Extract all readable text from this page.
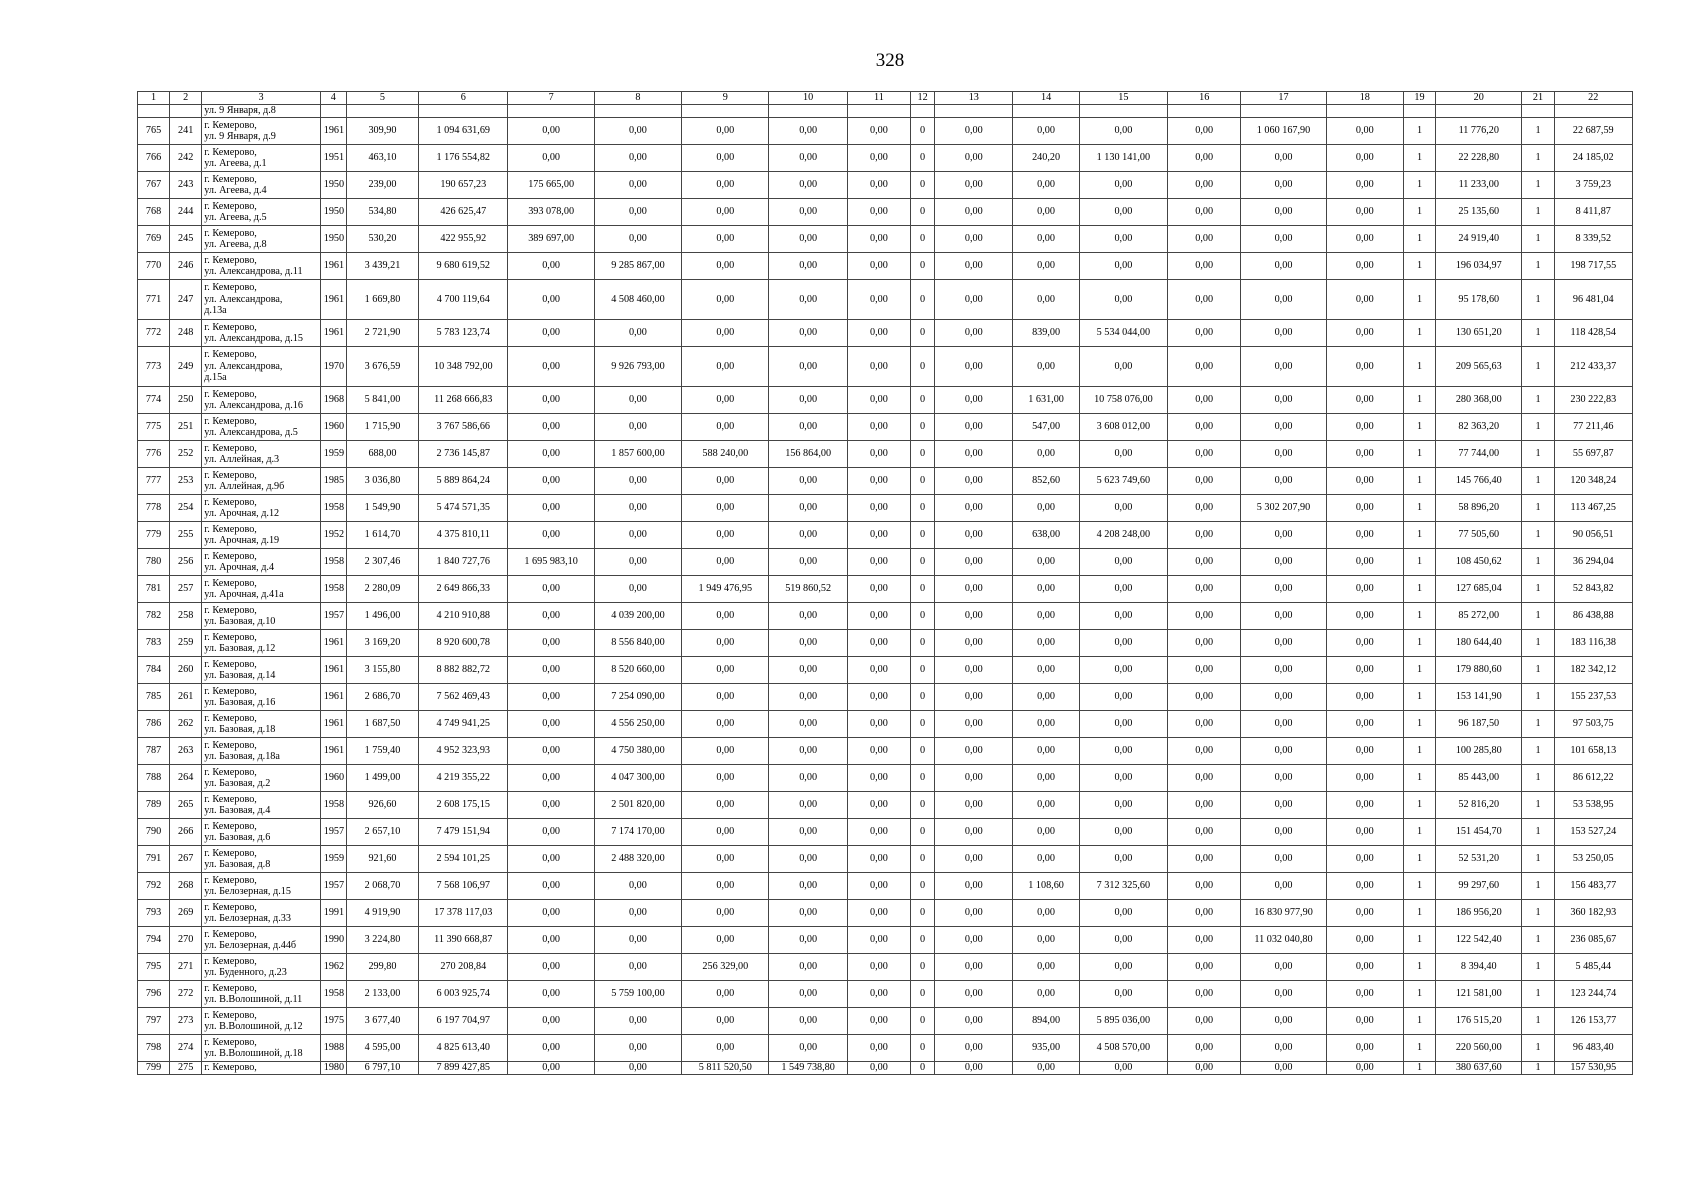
328
1	2	3	4	5	6	7	8	9	10	11	12	13	14	15	16	17	18	19	20	21	22
		ул. 9 Января, д.8																			
765	241	г. Кемерово,
ул. 9 Января, д.9	1961	309,90	1 094 631,69	0,00	0,00	0,00	0,00	0,00	0	0,00	0,00	0,00	0,00	1 060 167,90	0,00	1	11 776,20	1	22 687,59
766	242	г. Кемерово,
ул. Агеева, д.1	1951	463,10	1 176 554,82	0,00	0,00	0,00	0,00	0,00	0	0,00	240,20	1 130 141,00	0,00	0,00	0,00	1	22 228,80	1	24 185,02
767	243	г. Кемерово,
ул. Агеева, д.4	1950	239,00	190 657,23	175 665,00	0,00	0,00	0,00	0,00	0	0,00	0,00	0,00	0,00	0,00	0,00	1	11 233,00	1	3 759,23
768	244	г. Кемерово,
ул. Агеева, д.5	1950	534,80	426 625,47	393 078,00	0,00	0,00	0,00	0,00	0	0,00	0,00	0,00	0,00	0,00	0,00	1	25 135,60	1	8 411,87
769	245	г. Кемерово,
ул. Агеева, д.8	1950	530,20	422 955,92	389 697,00	0,00	0,00	0,00	0,00	0	0,00	0,00	0,00	0,00	0,00	0,00	1	24 919,40	1	8 339,52
770	246	г. Кемерово,
ул. Александрова, д.11	1961	3 439,21	9 680 619,52	0,00	9 285 867,00	0,00	0,00	0,00	0	0,00	0,00	0,00	0,00	0,00	0,00	1	196 034,97	1	198 717,55
771	247	г. Кемерово,
ул. Александрова,
д.13а	1961	1 669,80	4 700 119,64	0,00	4 508 460,00	0,00	0,00	0,00	0	0,00	0,00	0,00	0,00	0,00	0,00	1	95 178,60	1	96 481,04
772	248	г. Кемерово,
ул. Александрова, д.15	1961	2 721,90	5 783 123,74	0,00	0,00	0,00	0,00	0,00	0	0,00	839,00	5 534 044,00	0,00	0,00	0,00	1	130 651,20	1	118 428,54
773	249	г. Кемерово,
ул. Александрова,
д.15а	1970	3 676,59	10 348 792,00	0,00	9 926 793,00	0,00	0,00	0,00	0	0,00	0,00	0,00	0,00	0,00	0,00	1	209 565,63	1	212 433,37
774	250	г. Кемерово,
ул. Александрова, д.16	1968	5 841,00	11 268 666,83	0,00	0,00	0,00	0,00	0,00	0	0,00	1 631,00	10 758 076,00	0,00	0,00	0,00	1	280 368,00	1	230 222,83
775	251	г. Кемерово,
ул. Александрова, д.5	1960	1 715,90	3 767 586,66	0,00	0,00	0,00	0,00	0,00	0	0,00	547,00	3 608 012,00	0,00	0,00	0,00	1	82 363,20	1	77 211,46
776	252	г. Кемерово,
ул. Аллейная, д.3	1959	688,00	2 736 145,87	0,00	1 857 600,00	588 240,00	156 864,00	0,00	0	0,00	0,00	0,00	0,00	0,00	0,00	1	77 744,00	1	55 697,87
777	253	г. Кемерово,
ул. Аллейная, д.9б	1985	3 036,80	5 889 864,24	0,00	0,00	0,00	0,00	0,00	0	0,00	852,60	5 623 749,60	0,00	0,00	0,00	1	145 766,40	1	120 348,24
778	254	г. Кемерово,
ул. Арочная, д.12	1958	1 549,90	5 474 571,35	0,00	0,00	0,00	0,00	0,00	0	0,00	0,00	0,00	0,00	5 302 207,90	0,00	1	58 896,20	1	113 467,25
779	255	г. Кемерово,
ул. Арочная, д.19	1952	1 614,70	4 375 810,11	0,00	0,00	0,00	0,00	0,00	0	0,00	638,00	4 208 248,00	0,00	0,00	0,00	1	77 505,60	1	90 056,51
780	256	г. Кемерово,
ул. Арочная, д.4	1958	2 307,46	1 840 727,76	1 695 983,10	0,00	0,00	0,00	0,00	0	0,00	0,00	0,00	0,00	0,00	0,00	1	108 450,62	1	36 294,04
781	257	г. Кемерово,
ул. Арочная, д.41а	1958	2 280,09	2 649 866,33	0,00	0,00	1 949 476,95	519 860,52	0,00	0	0,00	0,00	0,00	0,00	0,00	0,00	1	127 685,04	1	52 843,82
782	258	г. Кемерово,
ул. Базовая, д.10	1957	1 496,00	4 210 910,88	0,00	4 039 200,00	0,00	0,00	0,00	0	0,00	0,00	0,00	0,00	0,00	0,00	1	85 272,00	1	86 438,88
783	259	г. Кемерово,
ул. Базовая, д.12	1961	3 169,20	8 920 600,78	0,00	8 556 840,00	0,00	0,00	0,00	0	0,00	0,00	0,00	0,00	0,00	0,00	1	180 644,40	1	183 116,38
784	260	г. Кемерово,
ул. Базовая, д.14	1961	3 155,80	8 882 882,72	0,00	8 520 660,00	0,00	0,00	0,00	0	0,00	0,00	0,00	0,00	0,00	0,00	1	179 880,60	1	182 342,12
785	261	г. Кемерово,
ул. Базовая, д.16	1961	2 686,70	7 562 469,43	0,00	7 254 090,00	0,00	0,00	0,00	0	0,00	0,00	0,00	0,00	0,00	0,00	1	153 141,90	1	155 237,53
786	262	г. Кемерово,
ул. Базовая, д.18	1961	1 687,50	4 749 941,25	0,00	4 556 250,00	0,00	0,00	0,00	0	0,00	0,00	0,00	0,00	0,00	0,00	1	96 187,50	1	97 503,75
787	263	г. Кемерово,
ул. Базовая, д.18а	1961	1 759,40	4 952 323,93	0,00	4 750 380,00	0,00	0,00	0,00	0	0,00	0,00	0,00	0,00	0,00	0,00	1	100 285,80	1	101 658,13
788	264	г. Кемерово,
ул. Базовая, д.2	1960	1 499,00	4 219 355,22	0,00	4 047 300,00	0,00	0,00	0,00	0	0,00	0,00	0,00	0,00	0,00	0,00	1	85 443,00	1	86 612,22
789	265	г. Кемерово,
ул. Базовая, д.4	1958	926,60	2 608 175,15	0,00	2 501 820,00	0,00	0,00	0,00	0	0,00	0,00	0,00	0,00	0,00	0,00	1	52 816,20	1	53 538,95
790	266	г. Кемерово,
ул. Базовая, д.6	1957	2 657,10	7 479 151,94	0,00	7 174 170,00	0,00	0,00	0,00	0	0,00	0,00	0,00	0,00	0,00	0,00	1	151 454,70	1	153 527,24
791	267	г. Кемерово,
ул. Базовая, д.8	1959	921,60	2 594 101,25	0,00	2 488 320,00	0,00	0,00	0,00	0	0,00	0,00	0,00	0,00	0,00	0,00	1	52 531,20	1	53 250,05
792	268	г. Кемерово,
ул. Белозерная, д.15	1957	2 068,70	7 568 106,97	0,00	0,00	0,00	0,00	0,00	0	0,00	1 108,60	7 312 325,60	0,00	0,00	0,00	1	99 297,60	1	156 483,77
793	269	г. Кемерово,
ул. Белозерная, д.33	1991	4 919,90	17 378 117,03	0,00	0,00	0,00	0,00	0,00	0	0,00	0,00	0,00	0,00	16 830 977,90	0,00	1	186 956,20	1	360 182,93
794	270	г. Кемерово,
ул. Белозерная, д.44б	1990	3 224,80	11 390 668,87	0,00	0,00	0,00	0,00	0,00	0	0,00	0,00	0,00	0,00	11 032 040,80	0,00	1	122 542,40	1	236 085,67
795	271	г. Кемерово,
ул. Буденного, д.23	1962	299,80	270 208,84	0,00	0,00	256 329,00	0,00	0,00	0	0,00	0,00	0,00	0,00	0,00	0,00	1	8 394,40	1	5 485,44
796	272	г. Кемерово,
ул. В.Волошиной, д.11	1958	2 133,00	6 003 925,74	0,00	5 759 100,00	0,00	0,00	0,00	0	0,00	0,00	0,00	0,00	0,00	0,00	1	121 581,00	1	123 244,74
797	273	г. Кемерово,
ул. В.Волошиной, д.12	1975	3 677,40	6 197 704,97	0,00	0,00	0,00	0,00	0,00	0	0,00	894,00	5 895 036,00	0,00	0,00	0,00	1	176 515,20	1	126 153,77
798	274	г. Кемерово,
ул. В.Волошиной, д.18	1988	4 595,00	4 825 613,40	0,00	0,00	0,00	0,00	0,00	0	0,00	935,00	4 508 570,00	0,00	0,00	0,00	1	220 560,00	1	96 483,40
799	275	г. Кемерово,	1980	6 797,10	7 899 427,85	0,00	0,00	5 811 520,50	1 549 738,80	0,00	0	0,00	0,00	0,00	0,00	0,00	0,00	1	380 637,60	1	157 530,95
